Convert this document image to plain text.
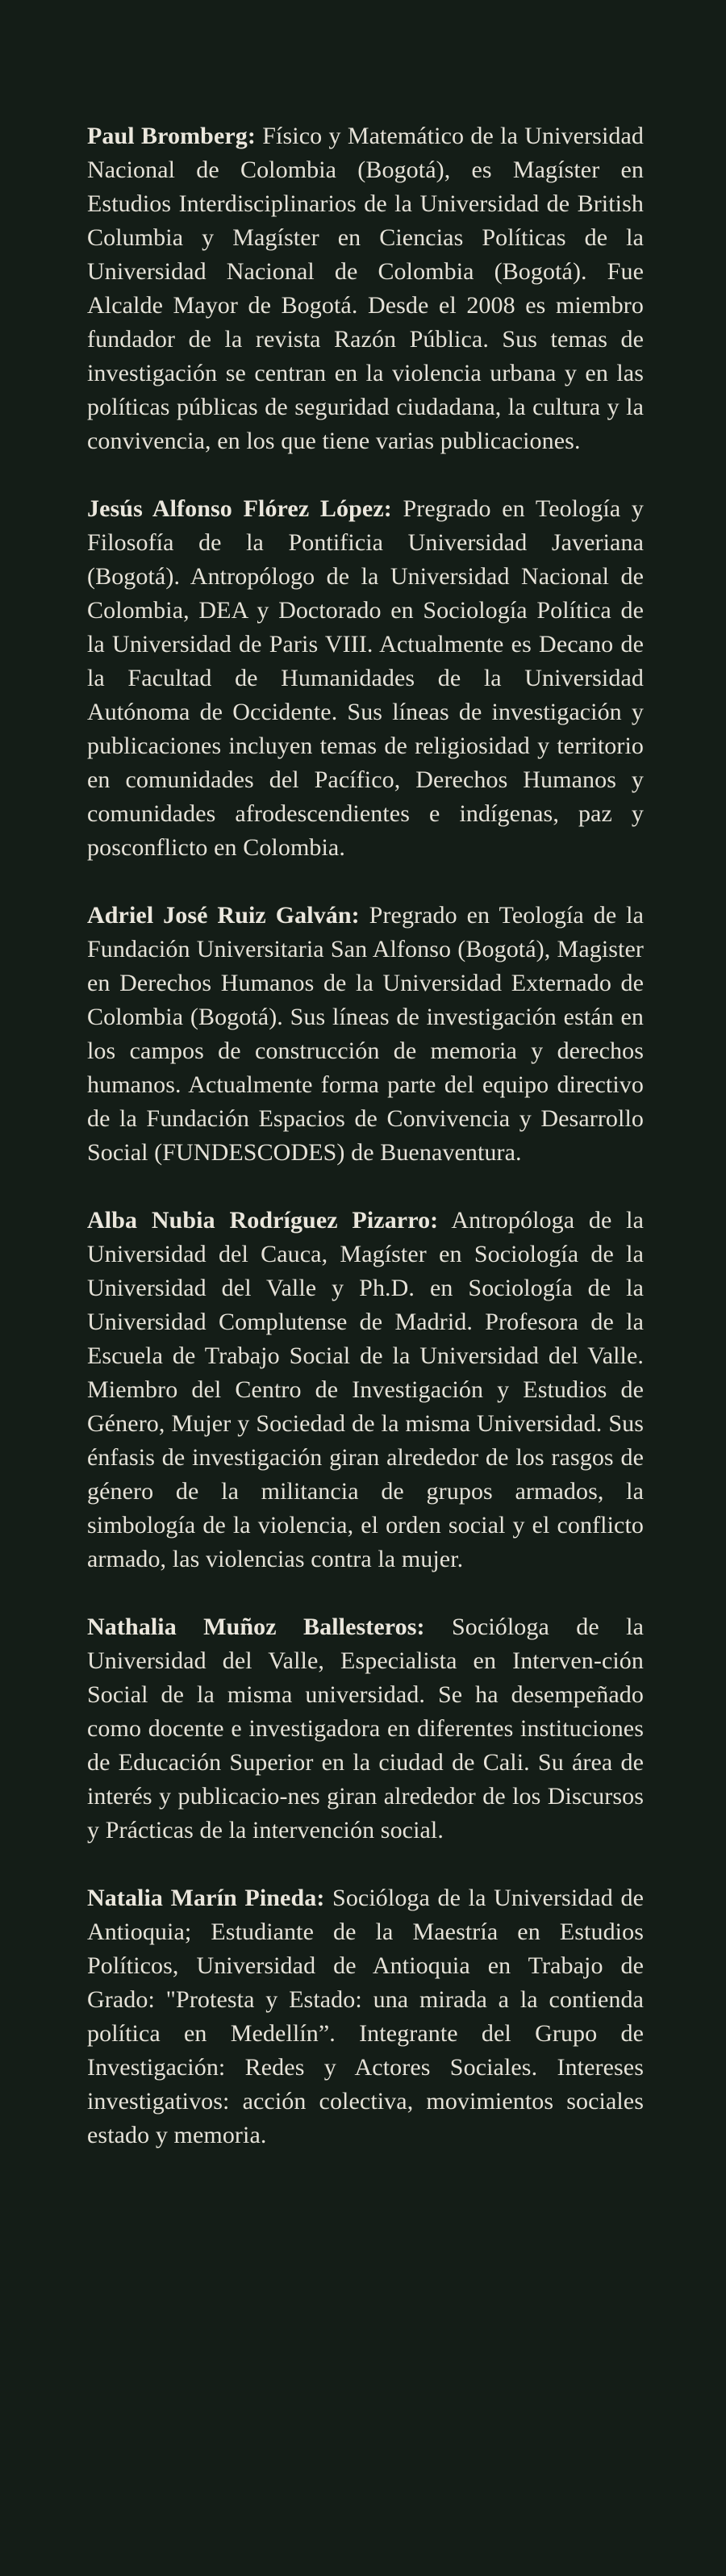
Paul Bromberg: Físico y Matemático de la Universidad Nacional de Colombia (Bogotá), es Magíster en Estudios Interdisciplinarios de la Universidad de British Columbia y Magíster en Ciencias Políticas de la Universidad Nacional de Colombia (Bogotá). Fue Alcalde Mayor de Bogotá. Desde el 2008 es miembro fundador de la revista Razón Pública. Sus temas de investigación se centran en la violencia urbana y en las políticas públicas de seguridad ciudadana, la cultura y la convivencia, en los que tiene varias publicaciones.

Jesús Alfonso Flórez López: Pregrado en Teología y Filosofía de la Pontificia Universidad Javeriana (Bogotá). Antropólogo de la Universidad Nacional de Colombia, DEA y Doctorado en Sociología Política de la Universidad de Paris VIII. Actualmente es Decano de la Facultad de Humanidades de la Universidad Autónoma de Occidente. Sus líneas de investigación y publicaciones incluyen temas de religiosidad y territorio en comunidades del Pacífico, Derechos Humanos y comunidades afrodescendientes e indígenas, paz y posconflicto en Colombia.

Adriel José Ruiz Galván: Pregrado en Teología de la Fundación Universitaria San Alfonso (Bogotá), Magister en Derechos Humanos de la Universidad Externado de Colombia (Bogotá). Sus líneas de investigación están en los campos de construcción de memoria y derechos humanos. Actualmente forma parte del equipo directivo de la Fundación Espacios de Convivencia y Desarrollo Social (FUNDESCODES) de Buenaventura.

Alba Nubia Rodríguez Pizarro: Antropóloga de la Universidad del Cauca, Magíster en Sociología de la Universidad del Valle y Ph.D. en Sociología de la Universidad Complutense de Madrid. Profesora de la Escuela de Trabajo Social de la Universidad del Valle. Miembro del Centro de Investigación y Estudios de Género, Mujer y Sociedad de la misma Universidad. Sus énfasis de investigación giran alrededor de los rasgos de género de la militancia de grupos armados, la simbología de la violencia, el orden social y el conflicto armado, las violencias contra la mujer.

Nathalia Muñoz Ballesteros: Socióloga de la Universidad del Valle, Especialista en Interven-ción Social de la misma universidad. Se ha desempeñado como docente e investigadora en diferentes instituciones de Educación Superior en la ciudad de Cali. Su área de interés y publicacio-nes giran alrededor de los Discursos y Prácticas de la intervención social.

Natalia Marín Pineda: Socióloga de la Universidad de Antioquia; Estudiante de la Maestría en Estudios Políticos, Universidad de Antioquia en Trabajo de Grado: "Protesta y Estado: una mirada a la contienda política en Medellín”. Integrante del Grupo de Investigación: Redes y Actores Sociales. Intereses investigativos: acción colectiva, movimientos sociales estado y memoria.
